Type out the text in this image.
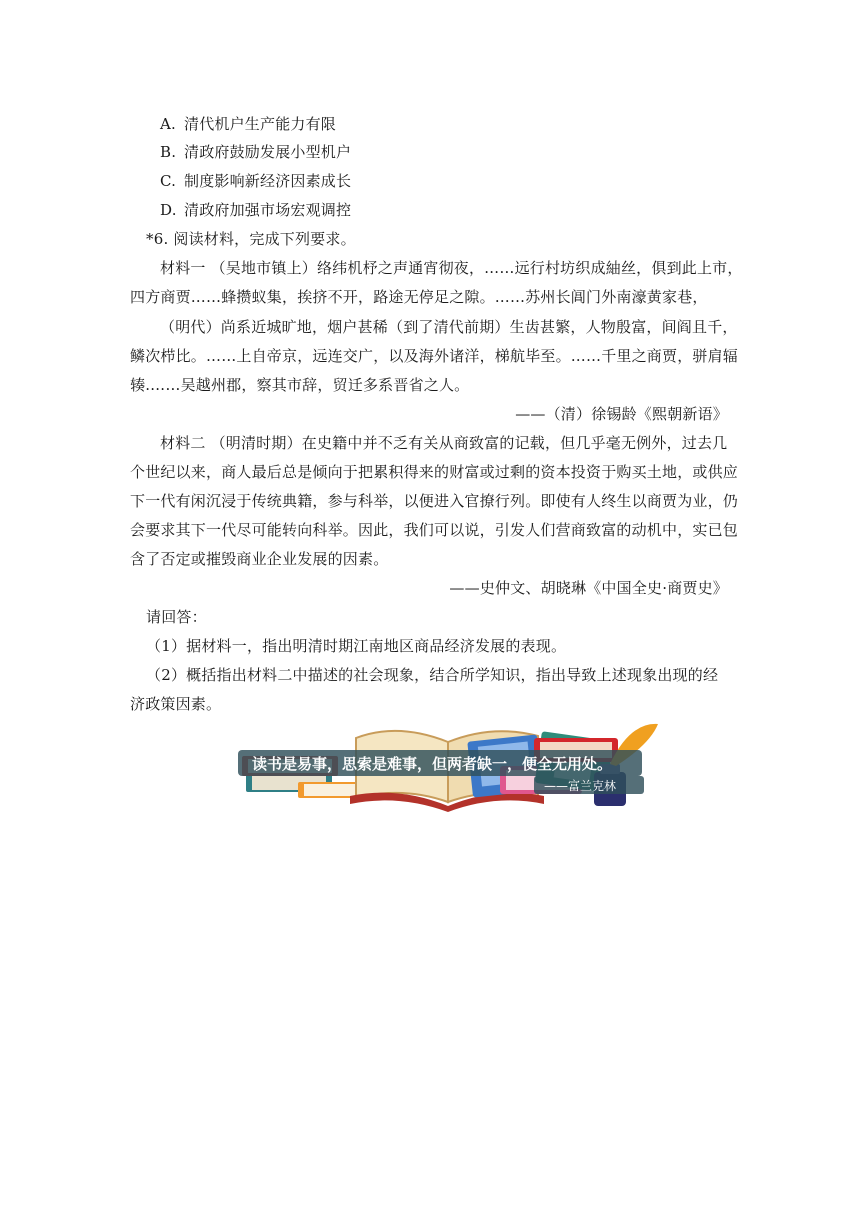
A. 清代机户生产能力有限
B. 清政府鼓励发展小型机户
C. 制度影响新经济因素成长
D. 清政府加强市场宏观调控
*6. 阅读材料，完成下列要求。
材料一 （吴地市镇上）络纬机杼之声通宵彻夜，……远行村坊织成紬丝，俱到此上市，
四方商贾……蜂攒蚁集，挨挤不开，路途无停足之隙。……苏州长阊门外南濠黄家巷，
（明代）尚系近城旷地，烟户甚稀（到了清代前期）生齿甚繁，人物殷富，间阎且千，
鳞次栉比。……上自帝京，远连交广，以及海外诸洋，梯航毕至。……千里之商贾，骈肩辐
辏.……吴越州郡，察其市辞，贸迁多系晋省之人。
——（清）徐锡龄《熙朝新语》
材料二 （明清时期）在史籍中并不乏有关从商致富的记载，但几乎毫无例外，过去几
个世纪以来，商人最后总是倾向于把累积得来的财富或过剩的资本投资于购买土地，或供应
下一代有闲沉浸于传统典籍，参与科举，以便进入官撩行列。即使有人终生以商贾为业，仍
会要求其下一代尽可能转向科举。因此，我们可以说，引发人们营商致富的动机中，实已包
含了否定或摧毁商业企业发展的因素。
——史仲文、胡晓琳《中国全史·商贾史》
请回答：
（1）据材料一，指出明清时期江南地区商品经济发展的表现。
（2）概括指出材料二中描述的社会现象，结合所学知识，指出导致上述现象出现的经
济政策因素。
读书是易事，思索是难事，但两者缺一，便全无用处。
——富兰克林
